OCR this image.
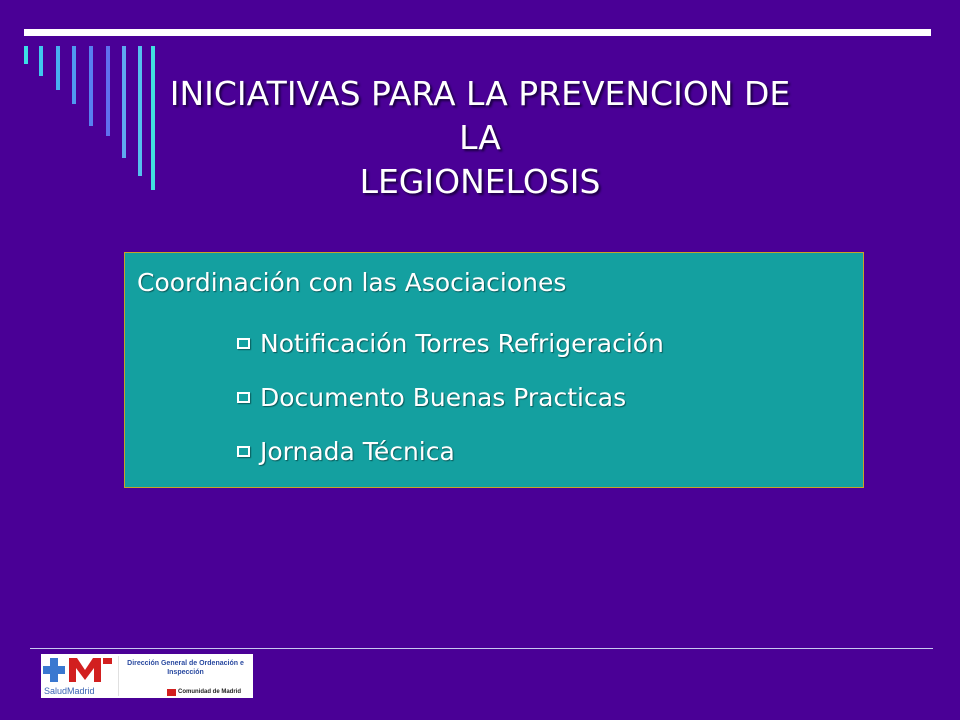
INICIATIVAS PARA LA PREVENCION DE LA
LEGIONELOSIS
Coordinación con las Asociaciones
Notificación Torres Refrigeración
Documento Buenas Practicas
Jornada Técnica
SaludMadrid
Dirección General de Ordenación e
Inspección
Comunidad de Madrid
